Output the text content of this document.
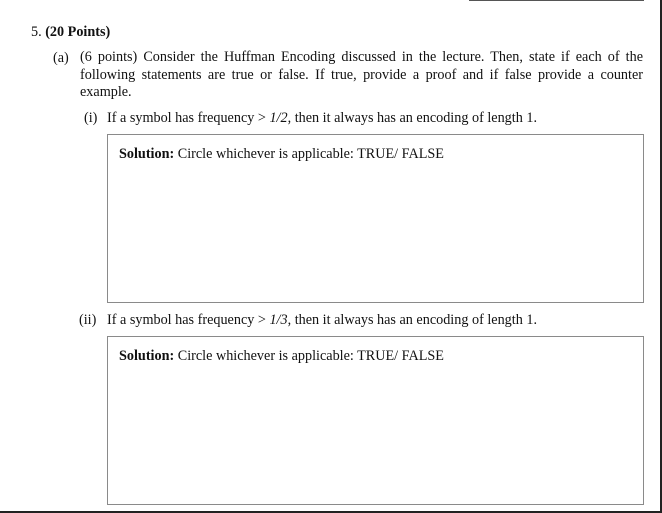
5. (20 Points)
(a) (6 points) Consider the Huffman Encoding discussed in the lecture. Then, state if each of the following statements are true or false. If true, provide a proof and if false provide a counter example.
(i) If a symbol has frequency > 1/2, then it always has an encoding of length 1.
Solution: Circle whichever is applicable: TRUE/ FALSE
(ii) If a symbol has frequency > 1/3, then it always has an encoding of length 1.
Solution: Circle whichever is applicable: TRUE/ FALSE
